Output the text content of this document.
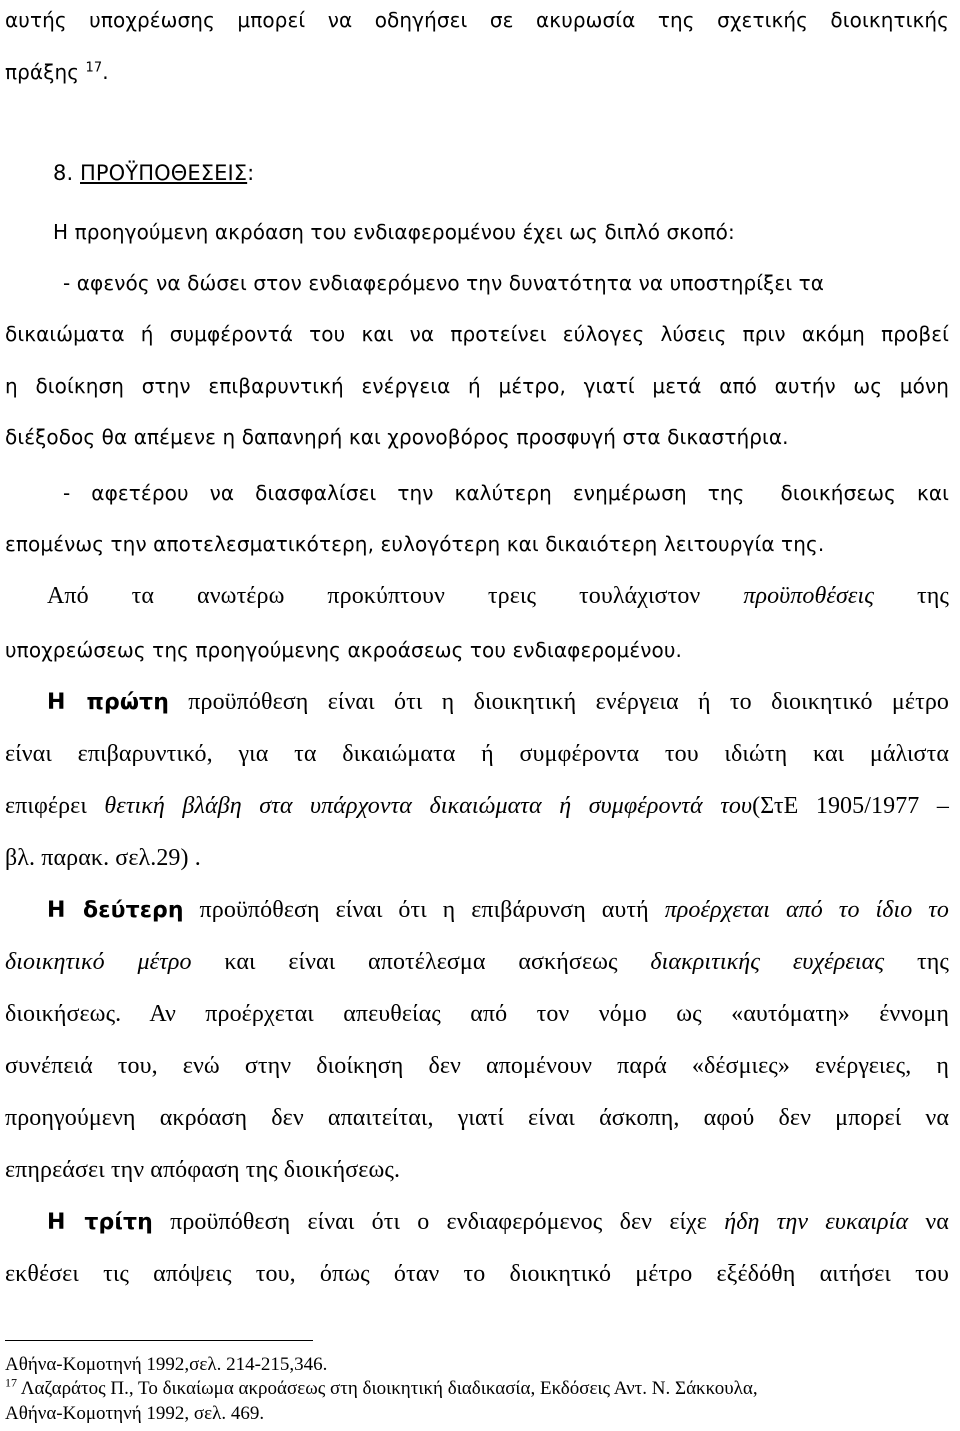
αυτής υποχρέωσης μπορεί να οδηγήσει σε ακυρωσία της σχετικής διοικητικής
πράξης $^{17}$.
8. ΠΡΟΫΠΟΘΕΣΕΙΣ:
Η προηγούμενη ακρόαση του ενδιαφερομένου έχει ως διπλό σκοπό:
- αφενός να δώσει στον ενδιαφερόμενο την δυνατότητα να υποστηρίξει τα
δικαιώματα ή συμφέροντά του και να προτείνει εύλογες λύσεις πριν ακόμη προβεί
η διοίκηση στην επιβαρυντική ενέργεια ή μέτρο, γιατί μετά από αυτήν ως μόνη
διέξοδος θα απέμενε η δαπανηρή και χρονοβόρος προσφυγή στα δικαστήρια.
- αφετέρου να διασφαλίσει την καλύτερη ενημέρωση της διοικήσεως και
επομένως την αποτελεσματικότερη, ευλογότερη και δικαιότερη λειτουργία της.
Από τα ανωτέρω προκύπτουν τρεις τουλάχιστον προϋποθέσεις της
υποχρεώσεως της προηγούμενης ακροάσεως του ενδιαφερομένου.
Η πρώτη προϋπόθεση είναι ότι η διοικητική ενέργεια ή το διοικητικό μέτρο
είναι επιβαρυντικό, για τα δικαιώματα ή συμφέροντα του ιδιώτη και μάλιστα
επιφέρει θετική βλάβη στα υπάρχοντα δικαιώματα ή συμφέροντά του(ΣτΕ 1905/1977 –
βλ. παρακ. σελ.29) .
Η δεύτερη προϋπόθεση είναι ότι η επιβάρυνση αυτή προέρχεται από το ίδιο το
διοικητικό μέτρο και είναι αποτέλεσμα ασκήσεως διακριτικής ευχέρειας της
διοικήσεως. Αν προέρχεται απευθείας από τον νόμο ως «αυτόματη» έννομη
συνέπειά του, ενώ στην διοίκηση δεν απομένουν παρά «δέσμιες» ενέργειες, η
προηγούμενη ακρόαση δεν απαιτείται, γιατί είναι άσκοπη, αφού δεν μπορεί να
επηρεάσει την απόφαση της διοικήσεως.
Η τρίτη προϋπόθεση είναι ότι ο ενδιαφερόμενος δεν είχε ήδη την ευκαιρία να
εκθέσει τις απόψεις του, όπως όταν το διοικητικό μέτρο εξέδόθη αιτήσει του
Αθήνα-Κομοτηνή 1992,σελ. 214-215,346.
$^{17}$ Λαζαράτος Π., Το δικαίωμα ακροάσεως στη διοικητική διαδικασία, Εκδόσεις Αντ. Ν. Σάκκουλα,
Αθήνα-Κομοτηνή 1992, σελ. 469.
